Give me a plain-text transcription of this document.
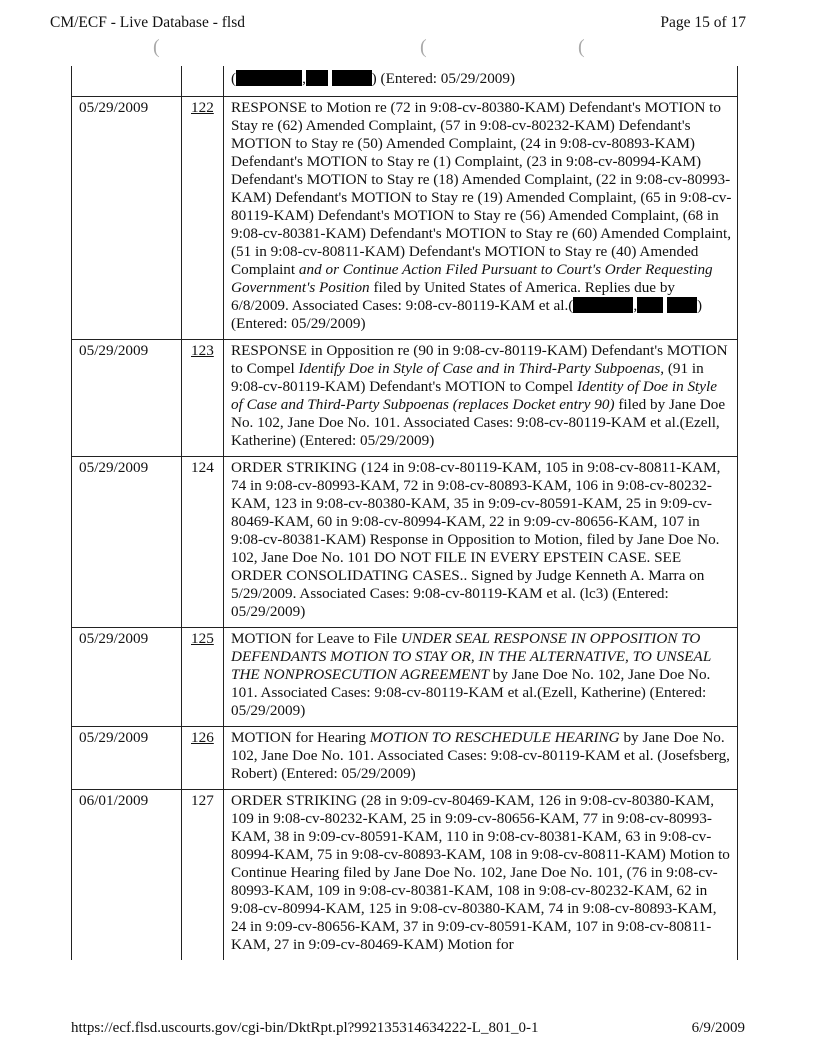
CM/ECF - Live Database - flsd	Page 15 of 17
(	(	(
		( , ) (Entered: 05/29/2009)
05/29/2009	122	RESPONSE to Motion re (72 in 9:08-cv-80380-KAM) Defendant's MOTION to Stay re (62) Amended Complaint, (57 in 9:08-cv-80232-KAM) Defendant's MOTION to Stay re (50) Amended Complaint, (24 in 9:08-cv-80893-KAM) Defendant's MOTION to Stay re (1) Complaint, (23 in 9:08-cv-80994-KAM) Defendant's MOTION to Stay re (18) Amended Complaint, (22 in 9:08-cv-80993-KAM) Defendant's MOTION to Stay re (19) Amended Complaint, (65 in 9:08-cv-80119-KAM) Defendant's MOTION to Stay re (56) Amended Complaint, (68 in 9:08-cv-80381-KAM) Defendant's MOTION to Stay re (60) Amended Complaint, (51 in 9:08-cv-80811-KAM) Defendant's MOTION to Stay re (40) Amended Complaint and or Continue Action Filed Pursuant to Court's Order Requesting Government's Position filed by United States of America. Replies due by 6/8/2009. Associated Cases: 9:08-cv-80119-KAM et al.( , ) (Entered: 05/29/2009)
05/29/2009	123	RESPONSE in Opposition re (90 in 9:08-cv-80119-KAM) Defendant's MOTION to Compel Identify Doe in Style of Case and in Third-Party Subpoenas, (91 in 9:08-cv-80119-KAM) Defendant's MOTION to Compel Identity of Doe in Style of Case and Third-Party Subpoenas (replaces Docket entry 90) filed by Jane Doe No. 102, Jane Doe No. 101. Associated Cases: 9:08-cv-80119-KAM et al.(Ezell, Katherine) (Entered: 05/29/2009)
05/29/2009	124	ORDER STRIKING (124 in 9:08-cv-80119-KAM, 105 in 9:08-cv-80811-KAM, 74 in 9:08-cv-80993-KAM, 72 in 9:08-cv-80893-KAM, 106 in 9:08-cv-80232-KAM, 123 in 9:08-cv-80380-KAM, 35 in 9:09-cv-80591-KAM, 25 in 9:09-cv-80469-KAM, 60 in 9:08-cv-80994-KAM, 22 in 9:09-cv-80656-KAM, 107 in 9:08-cv-80381-KAM) Response in Opposition to Motion, filed by Jane Doe No. 102, Jane Doe No. 101 DO NOT FILE IN EVERY EPSTEIN CASE. SEE ORDER CONSOLIDATING CASES.. Signed by Judge Kenneth A. Marra on 5/29/2009. Associated Cases: 9:08-cv-80119-KAM et al. (lc3) (Entered: 05/29/2009)
05/29/2009	125	MOTION for Leave to File UNDER SEAL RESPONSE IN OPPOSITION TO DEFENDANTS MOTION TO STAY OR, IN THE ALTERNATIVE, TO UNSEAL THE NONPROSECUTION AGREEMENT by Jane Doe No. 102, Jane Doe No. 101. Associated Cases: 9:08-cv-80119-KAM et al.(Ezell, Katherine) (Entered: 05/29/2009)
05/29/2009	126	MOTION for Hearing MOTION TO RESCHEDULE HEARING by Jane Doe No. 102, Jane Doe No. 101. Associated Cases: 9:08-cv-80119-KAM et al. (Josefsberg, Robert) (Entered: 05/29/2009)
06/01/2009	127	ORDER STRIKING (28 in 9:09-cv-80469-KAM, 126 in 9:08-cv-80380-KAM, 109 in 9:08-cv-80232-KAM, 25 in 9:09-cv-80656-KAM, 77 in 9:08-cv-80993-KAM, 38 in 9:09-cv-80591-KAM, 110 in 9:08-cv-80381-KAM, 63 in 9:08-cv-80994-KAM, 75 in 9:08-cv-80893-KAM, 108 in 9:08-cv-80811-KAM) Motion to Continue Hearing filed by Jane Doe No. 102, Jane Doe No. 101, (76 in 9:08-cv-80993-KAM, 109 in 9:08-cv-80381-KAM, 108 in 9:08-cv-80232-KAM, 62 in 9:08-cv-80994-KAM, 125 in 9:08-cv-80380-KAM, 74 in 9:08-cv-80893-KAM, 24 in 9:09-cv-80656-KAM, 37 in 9:09-cv-80591-KAM, 107 in 9:08-cv-80811-KAM, 27 in 9:09-cv-80469-KAM) Motion for
https://ecf.flsd.uscourts.gov/cgi-bin/DktRpt.pl?992135314634222-L_801_0-1	6/9/2009
